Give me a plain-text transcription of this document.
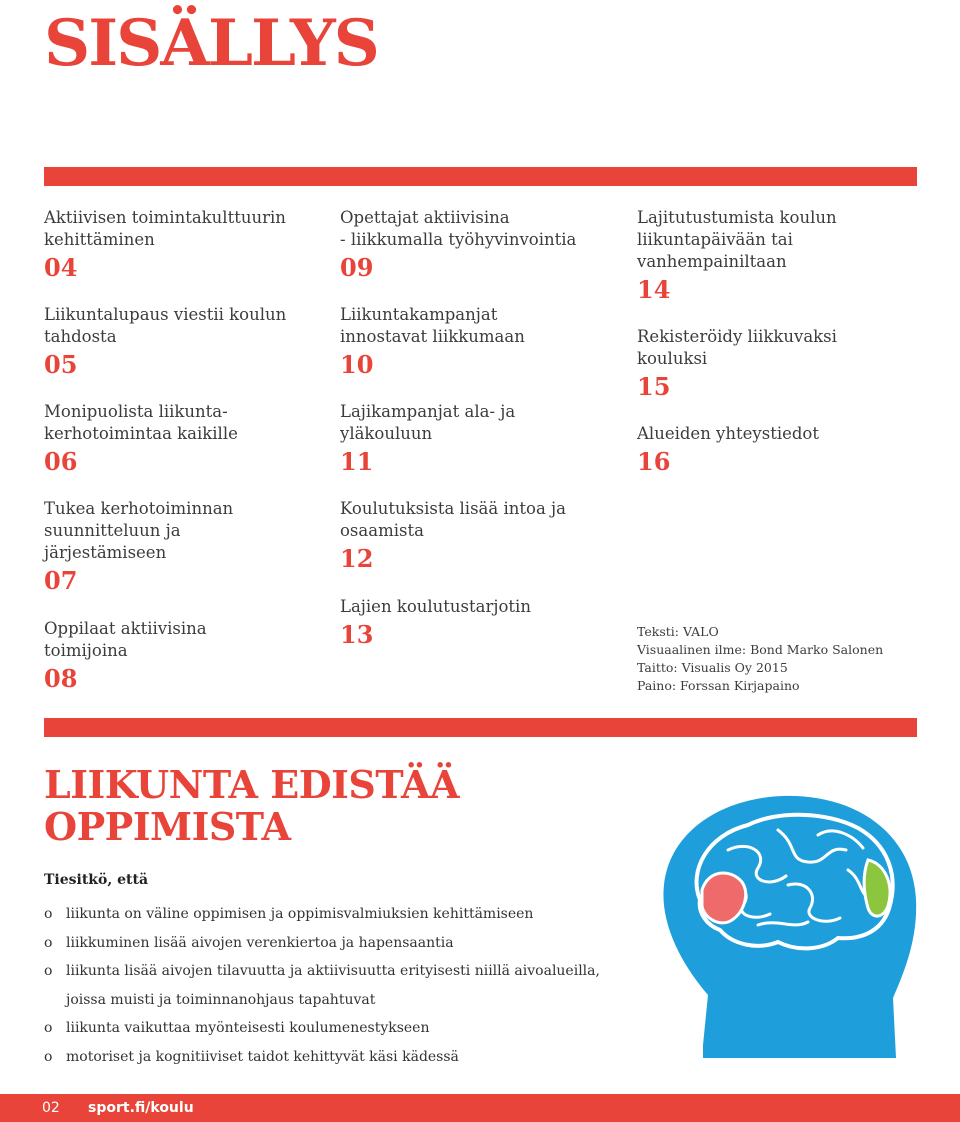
SISÄLLYS
Aktiivisen toimintakulttuurin
kehittäminen
04
Liikuntalupaus viestii koulun
tahdosta
05
Monipuolista liikunta-
kerhotoimintaa kaikille
06
Tukea kerhotoiminnan
suunnitteluun ja
järjestämiseen
07
Oppilaat aktiivisina
toimijoina
08
Opettajat aktiivisina
- liikkumalla työhyvinvointia
09
Liikuntakampanjat
innostavat liikkumaan
10
Lajikampanjat ala- ja
yläkouluun
11
Koulutuksista lisää intoa ja
osaamista
12
Lajien koulutustarjotin
13
Lajitutustumista koulun
liikuntapäivään tai
vanhempainiltaan
14
Rekisteröidy liikkuvaksi
kouluksi
15
Alueiden yhteystiedot
16
Teksti: VALO
Visuaalinen ilme: Bond Marko Salonen
Taitto: Visualis Oy 2015
Paino: Forssan Kirjapaino
LIIKUNTA EDISTÄÄ
OPPIMISTA
Tiesitkö, että
o liikunta on väline oppimisen ja oppimisvalmiuksien kehittämiseen
o liikkuminen lisää aivojen verenkiertoa ja hapensaantia
o liikunta lisää aivojen tilavuutta ja aktiivisuutta erityisesti niillä aivoalueilla,
joissa muisti ja toiminnanohjaus tapahtuvat
o liikunta vaikuttaa myönteisesti koulumenestykseen
o motoriset ja kognitiiviset taidot kehittyvät käsi kädessä
02 sport.fi/koulu
